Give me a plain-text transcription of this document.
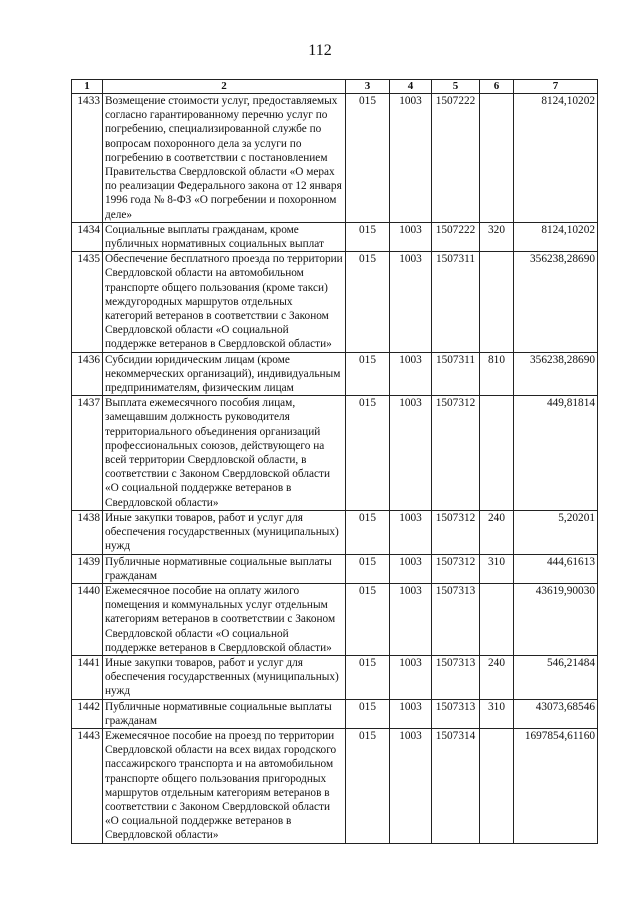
112
1	2	3	4	5	6	7
1433	Возмещение стоимости услуг, предоставляемых согласно гарантированному перечню услуг по погребению, специализированной службе по вопросам похоронного дела за услуги по погребению в соответствии с постановлением Правительства Свердловской области «О мерах по реализации Федерального закона от 12 января 1996 года № 8-ФЗ «О погребении и похоронном деле»	015	1003	1507222		8124,10202
1434	Социальные выплаты гражданам, кроме публичных нормативных социальных выплат	015	1003	1507222	320	8124,10202
1435	Обеспечение бесплатного проезда по территории Свердловской области на автомобильном транспорте общего пользования (кроме такси) междугородных маршрутов отдельных категорий ветеранов в соответствии с Законом Свердловской области «О социальной поддержке ветеранов в Свердловской области»	015	1003	1507311		356238,28690
1436	Субсидии юридическим лицам (кроме некоммерческих организаций), индивидуальным предпринимателям, физическим лицам	015	1003	1507311	810	356238,28690
1437	Выплата ежемесячного пособия лицам, замещавшим должность руководителя территориального объединения организаций профессиональных союзов, действующего на всей территории Свердловской области, в соответствии с Законом Свердловской области «О социальной поддержке ветеранов в Свердловской области»	015	1003	1507312		449,81814
1438	Иные закупки товаров, работ и услуг для обеспечения государственных (муниципальных) нужд	015	1003	1507312	240	5,20201
1439	Публичные нормативные социальные выплаты гражданам	015	1003	1507312	310	444,61613
1440	Ежемесячное пособие на оплату жилого помещения и коммунальных услуг отдельным категориям ветеранов в соответствии с Законом Свердловской области «О социальной поддержке ветеранов в Свердловской области»	015	1003	1507313		43619,90030
1441	Иные закупки товаров, работ и услуг для обеспечения государственных (муниципальных) нужд	015	1003	1507313	240	546,21484
1442	Публичные нормативные социальные выплаты гражданам	015	1003	1507313	310	43073,68546
1443	Ежемесячное пособие на проезд по территории Свердловской области на всех видах городского пассажирского транспорта и на автомобильном транспорте общего пользования пригородных маршрутов отдельным категориям ветеранов в соответствии с Законом Свердловской области «О социальной поддержке ветеранов в Свердловской области»	015	1003	1507314		1697854,61160
